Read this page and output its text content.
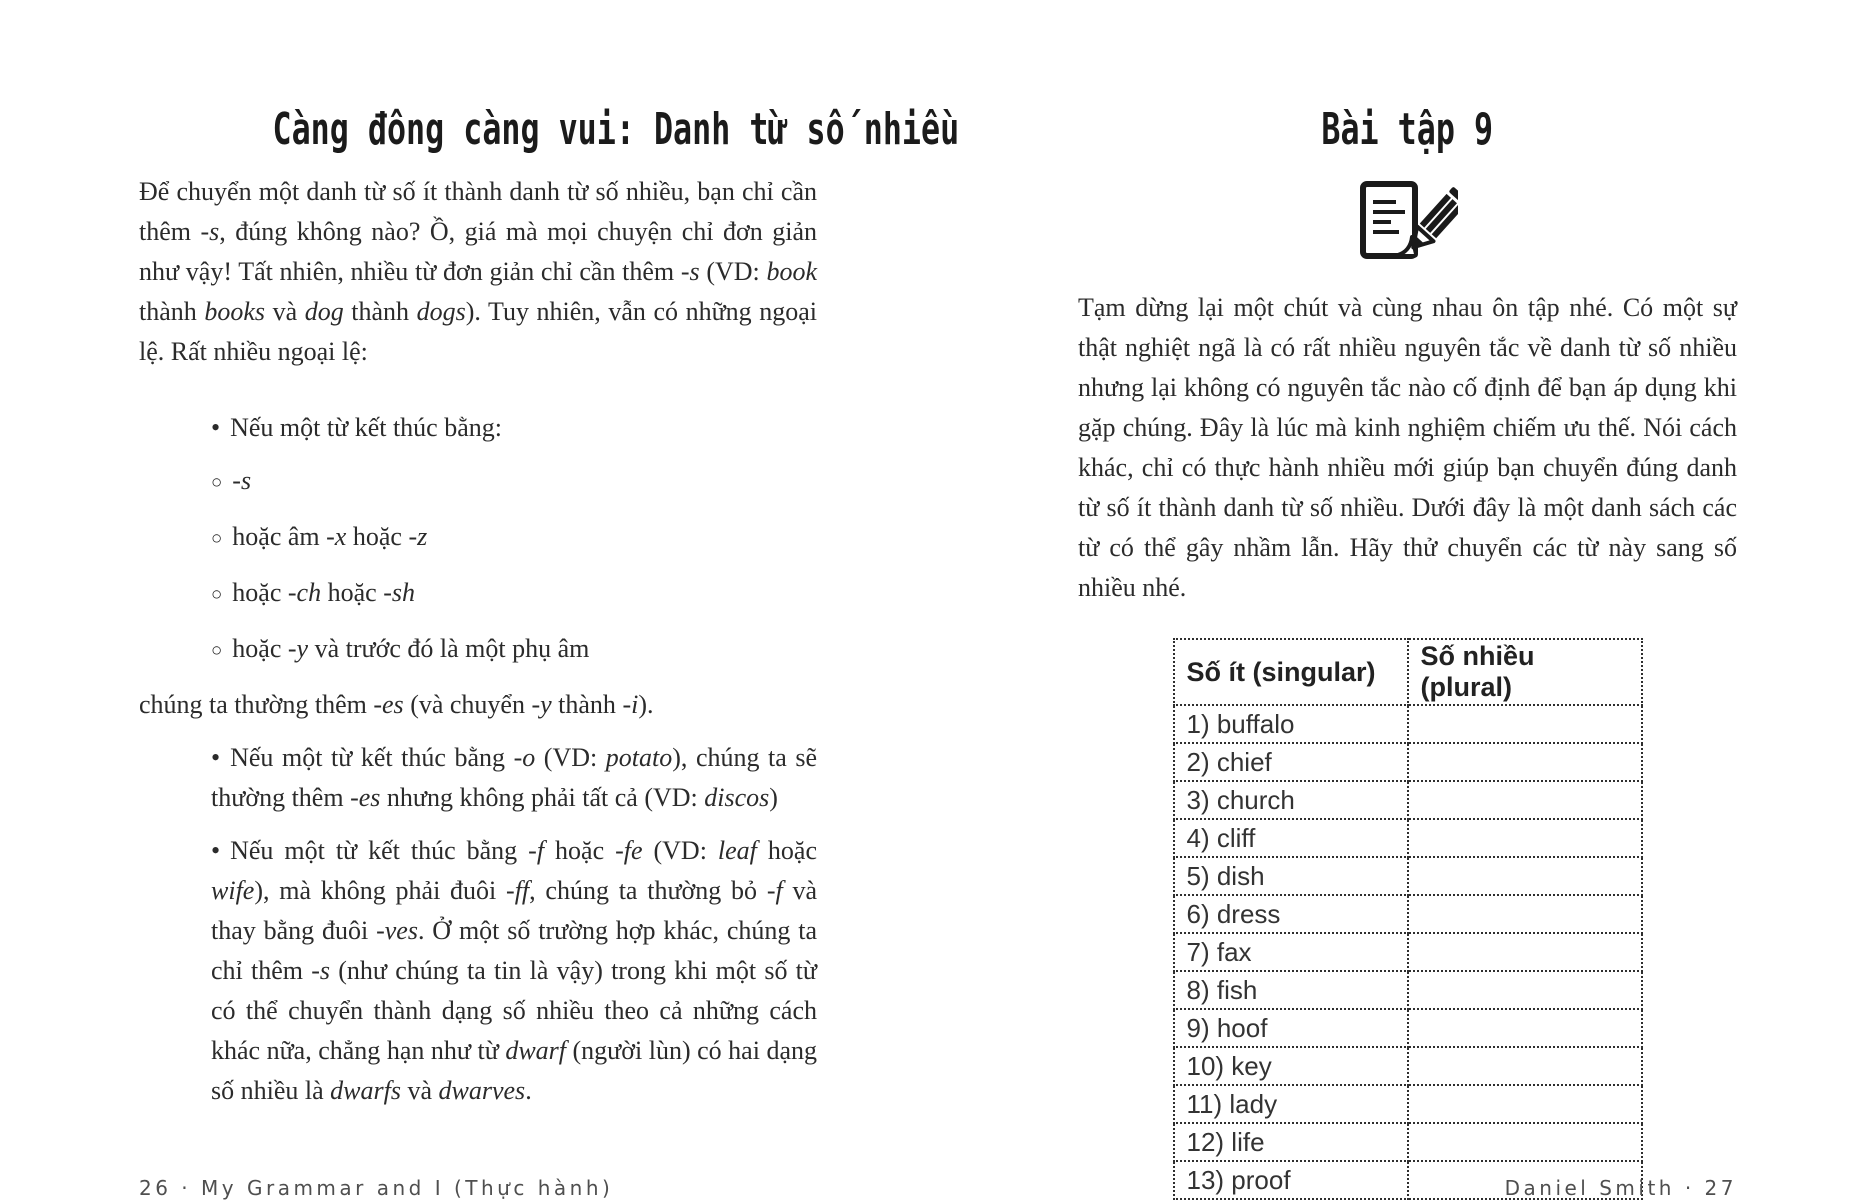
Càng đông càng vui: Danh từ số nhiều

Để chuyển một danh từ số ít thành danh từ số nhiều, bạn chỉ cần thêm -s, đúng không nào? Ồ, giá mà mọi chuyện chỉ đơn giản như vậy! Tất nhiên, nhiều từ đơn giản chỉ cần thêm -s (VD: book thành books và dog thành dogs). Tuy nhiên, vẫn có những ngoại lệ. Rất nhiều ngoại lệ:

• Nếu một từ kết thúc bằng:
○ -s
○ hoặc âm -x hoặc -z
○ hoặc -ch hoặc -sh
○ hoặc -y và trước đó là một phụ âm
chúng ta thường thêm -es (và chuyển -y thành -i).
• Nếu một từ kết thúc bằng -o (VD: potato), chúng ta sẽ thường thêm -es nhưng không phải tất cả (VD: discos)
• Nếu một từ kết thúc bằng -f hoặc -fe (VD: leaf hoặc wife), mà không phải đuôi -ff, chúng ta thường bỏ -f và thay bằng đuôi -ves. Ở một số trường hợp khác, chúng ta chỉ thêm -s (như chúng ta tin là vậy) trong khi một số từ có thể chuyển thành dạng số nhiều theo cả những cách khác nữa, chẳng hạn như từ dwarf (người lùn) có hai dạng số nhiều là dwarfs và dwarves.
Bài tập 9

Tạm dừng lại một chút và cùng nhau ôn tập nhé. Có một sự thật nghiệt ngã là có rất nhiều nguyên tắc về danh từ số nhiều nhưng lại không có nguyên tắc nào cố định để bạn áp dụng khi gặp chúng. Đây là lúc mà kinh nghiệm chiếm ưu thế. Nói cách khác, chỉ có thực hành nhiều mới giúp bạn chuyển đúng danh từ số ít thành danh từ số nhiều. Dưới đây là một danh sách các từ có thể gây nhầm lẫn. Hãy thử chuyển các từ này sang số nhiều nhé.

Số ít (singular)	Số nhiều (plural)
1) buffalo	
2) chief	
3) church	
4) cliff	
5) dish	
6) dress	
7) fax	
8) fish	
9) hoof	
10) key	
11) lady	
12) life	
13) proof	
26 · My Grammar and I (Thực hành)	Daniel Smith · 27
